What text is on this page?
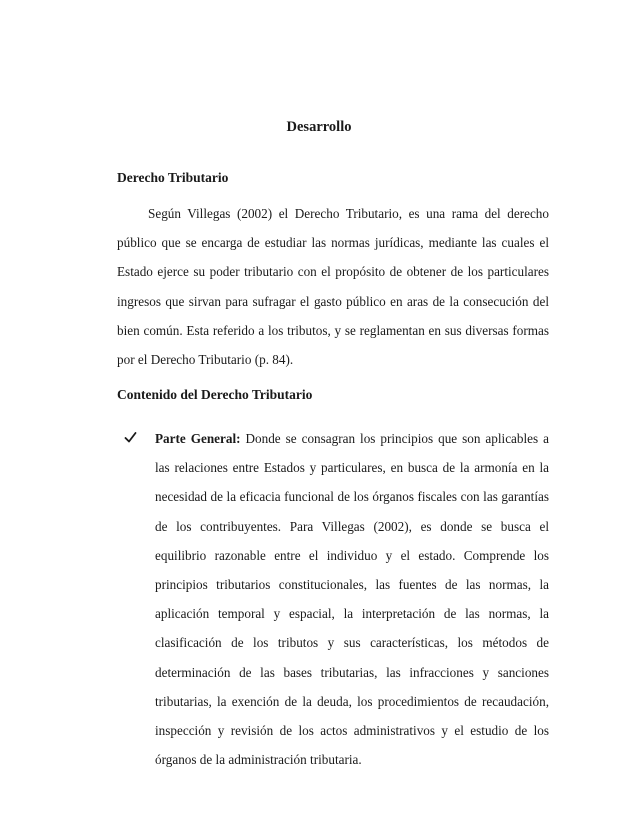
Desarrollo
Derecho Tributario

Según Villegas (2002) el Derecho Tributario, es una rama del derecho público que se encarga de estudiar las normas jurídicas, mediante las cuales el Estado ejerce su poder tributario con el propósito de obtener de los particulares ingresos que sirvan para sufragar el gasto público en aras de la consecución del bien común. Esta referido a los tributos, y se reglamentan en sus diversas formas por el Derecho Tributario (p. 84).

Contenido del Derecho Tributario
Parte General: Donde se consagran los principios que son aplicables a las relaciones entre Estados y particulares, en busca de la armonía en la necesidad de la eficacia funcional de los órganos fiscales con las garantías de los contribuyentes. Para Villegas (2002), es donde se busca el equilibrio razonable entre el individuo y el estado. Comprende los principios tributarios constitucionales, las fuentes de las normas, la aplicación temporal y espacial, la interpretación de las normas, la clasificación de los tributos y sus características, los métodos de determinación de las bases tributarias, las infracciones y sanciones tributarias, la exención de la deuda, los procedimientos de recaudación, inspección y revisión de los actos administrativos y el estudio de los órganos de la administración tributaria.
